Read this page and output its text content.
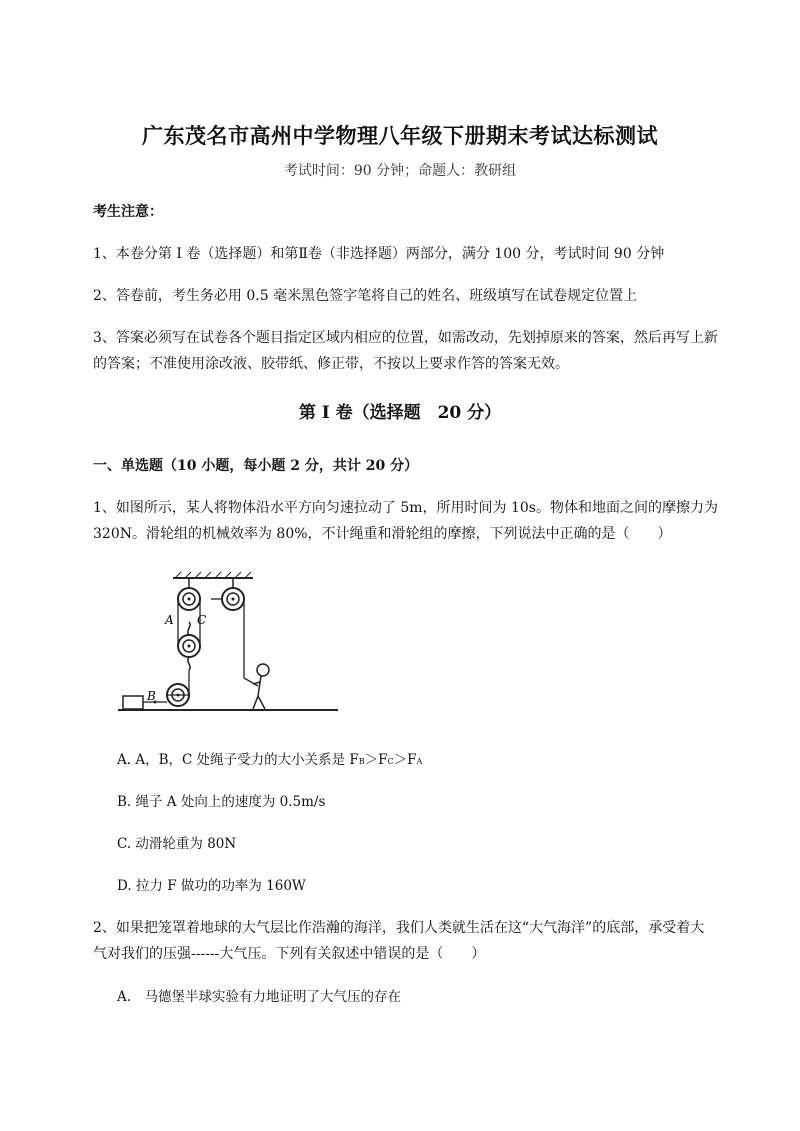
广东茂名市高州中学物理八年级下册期末考试达标测试
考试时间：90 分钟；命题人：教研组
考生注意：
1、本卷分第 I 卷（选择题）和第Ⅱ卷（非选择题）两部分，满分 100 分，考试时间 90 分钟
2、答卷前，考生务必用 0.5 毫米黑色签字笔将自己的姓名、班级填写在试卷规定位置上
3、答案必须写在试卷各个题目指定区域内相应的位置，如需改动，先划掉原来的答案，然后再写上新
的答案；不准使用涂改液、胶带纸、修正带，不按以上要求作答的答案无效。
第 I 卷（选择题　20 分）
一、单选题（10 小题，每小题 2 分，共计 20 分）
1、如图所示，某人将物体沿水平方向匀速拉动了 5m，所用时间为 10s。物体和地面之间的摩擦力为
320N。滑轮组的机械效率为 80%，不计绳重和滑轮组的摩擦，下列说法中正确的是（　　）
A C
B
A. A，B，C 处绳子受力的大小关系是 FB＞FC＞FA
B. 绳子 A 处向上的速度为 0.5m/s
C. 动滑轮重为 80N
D. 拉力 F 做功的功率为 160W
2、如果把笼罩着地球的大气层比作浩瀚的海洋，我们人类就生活在这“大气海洋”的底部，承受着大
气对我们的压强------大气压。下列有关叙述中错误的是（　　）
A.　马德堡半球实验有力地证明了大气压的存在
